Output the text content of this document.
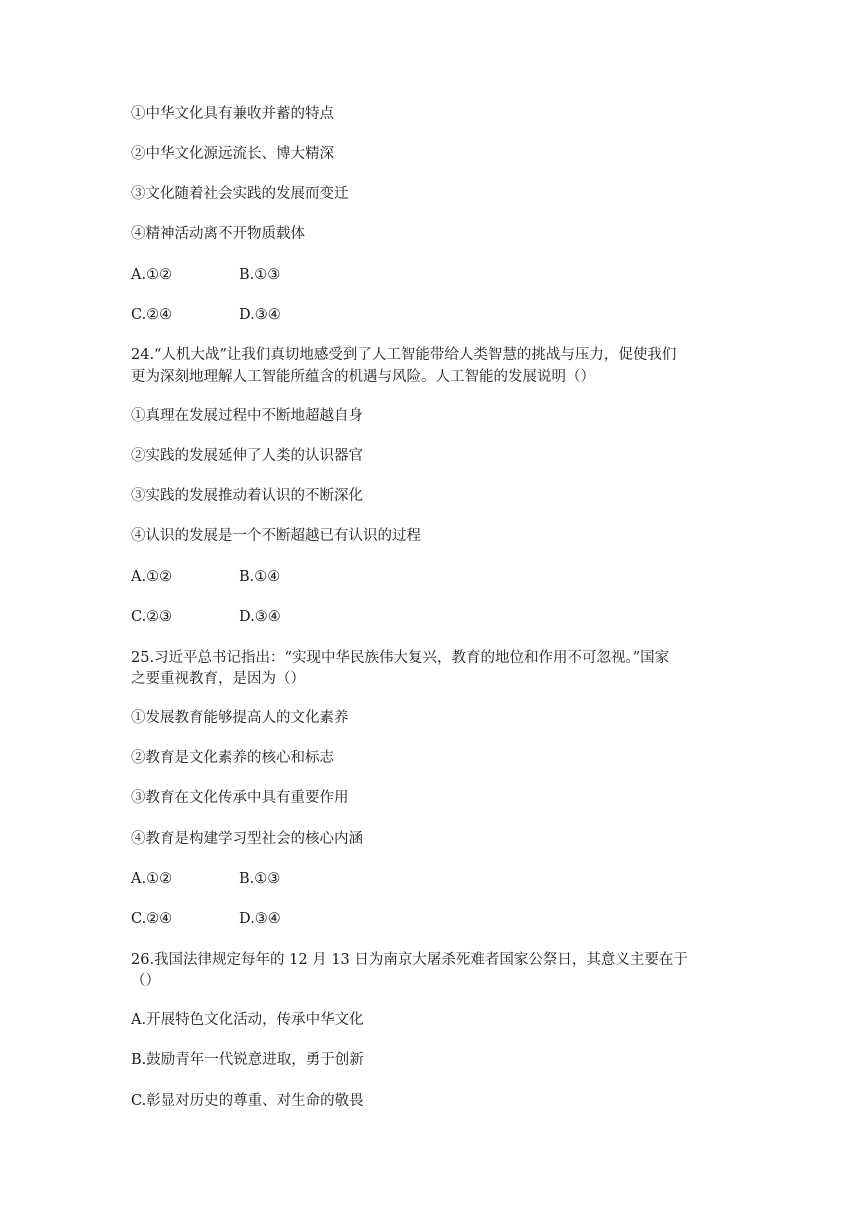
①中华文化具有兼收并蓄的特点
②中华文化源远流长、博大精深
③文化随着社会实践的发展而变迁
④精神活动离不开物质载体
A.①②	B.①③
C.②④	D.③④
24.“人机大战”让我们真切地感受到了人工智能带给人类智慧的挑战与压力，促使我们
更为深刻地理解人工智能所蕴含的机遇与风险。人工智能的发展说明（）
①真理在发展过程中不断地超越自身
②实践的发展延伸了人类的认识器官
③实践的发展推动着认识的不断深化
④认识的发展是一个不断超越已有认识的过程
A.①②	B.①④
C.②③	D.③④
25.习近平总书记指出：“实现中华民族伟大复兴，教育的地位和作用不可忽视。”国家
之要重视教育，是因为（）
①发展教育能够提高人的文化素养
②教育是文化素养的核心和标志
③教育在文化传承中具有重要作用
④教育是构建学习型社会的核心内涵
A.①②	B.①③
C.②④	D.③④
26.我国法律规定每年的 12 月 13 日为南京大屠杀死难者国家公祭日，其意义主要在于
（）
A.开展特色文化活动，传承中华文化
B.鼓励青年一代锐意进取，勇于创新
C.彰显对历史的尊重、对生命的敬畏
